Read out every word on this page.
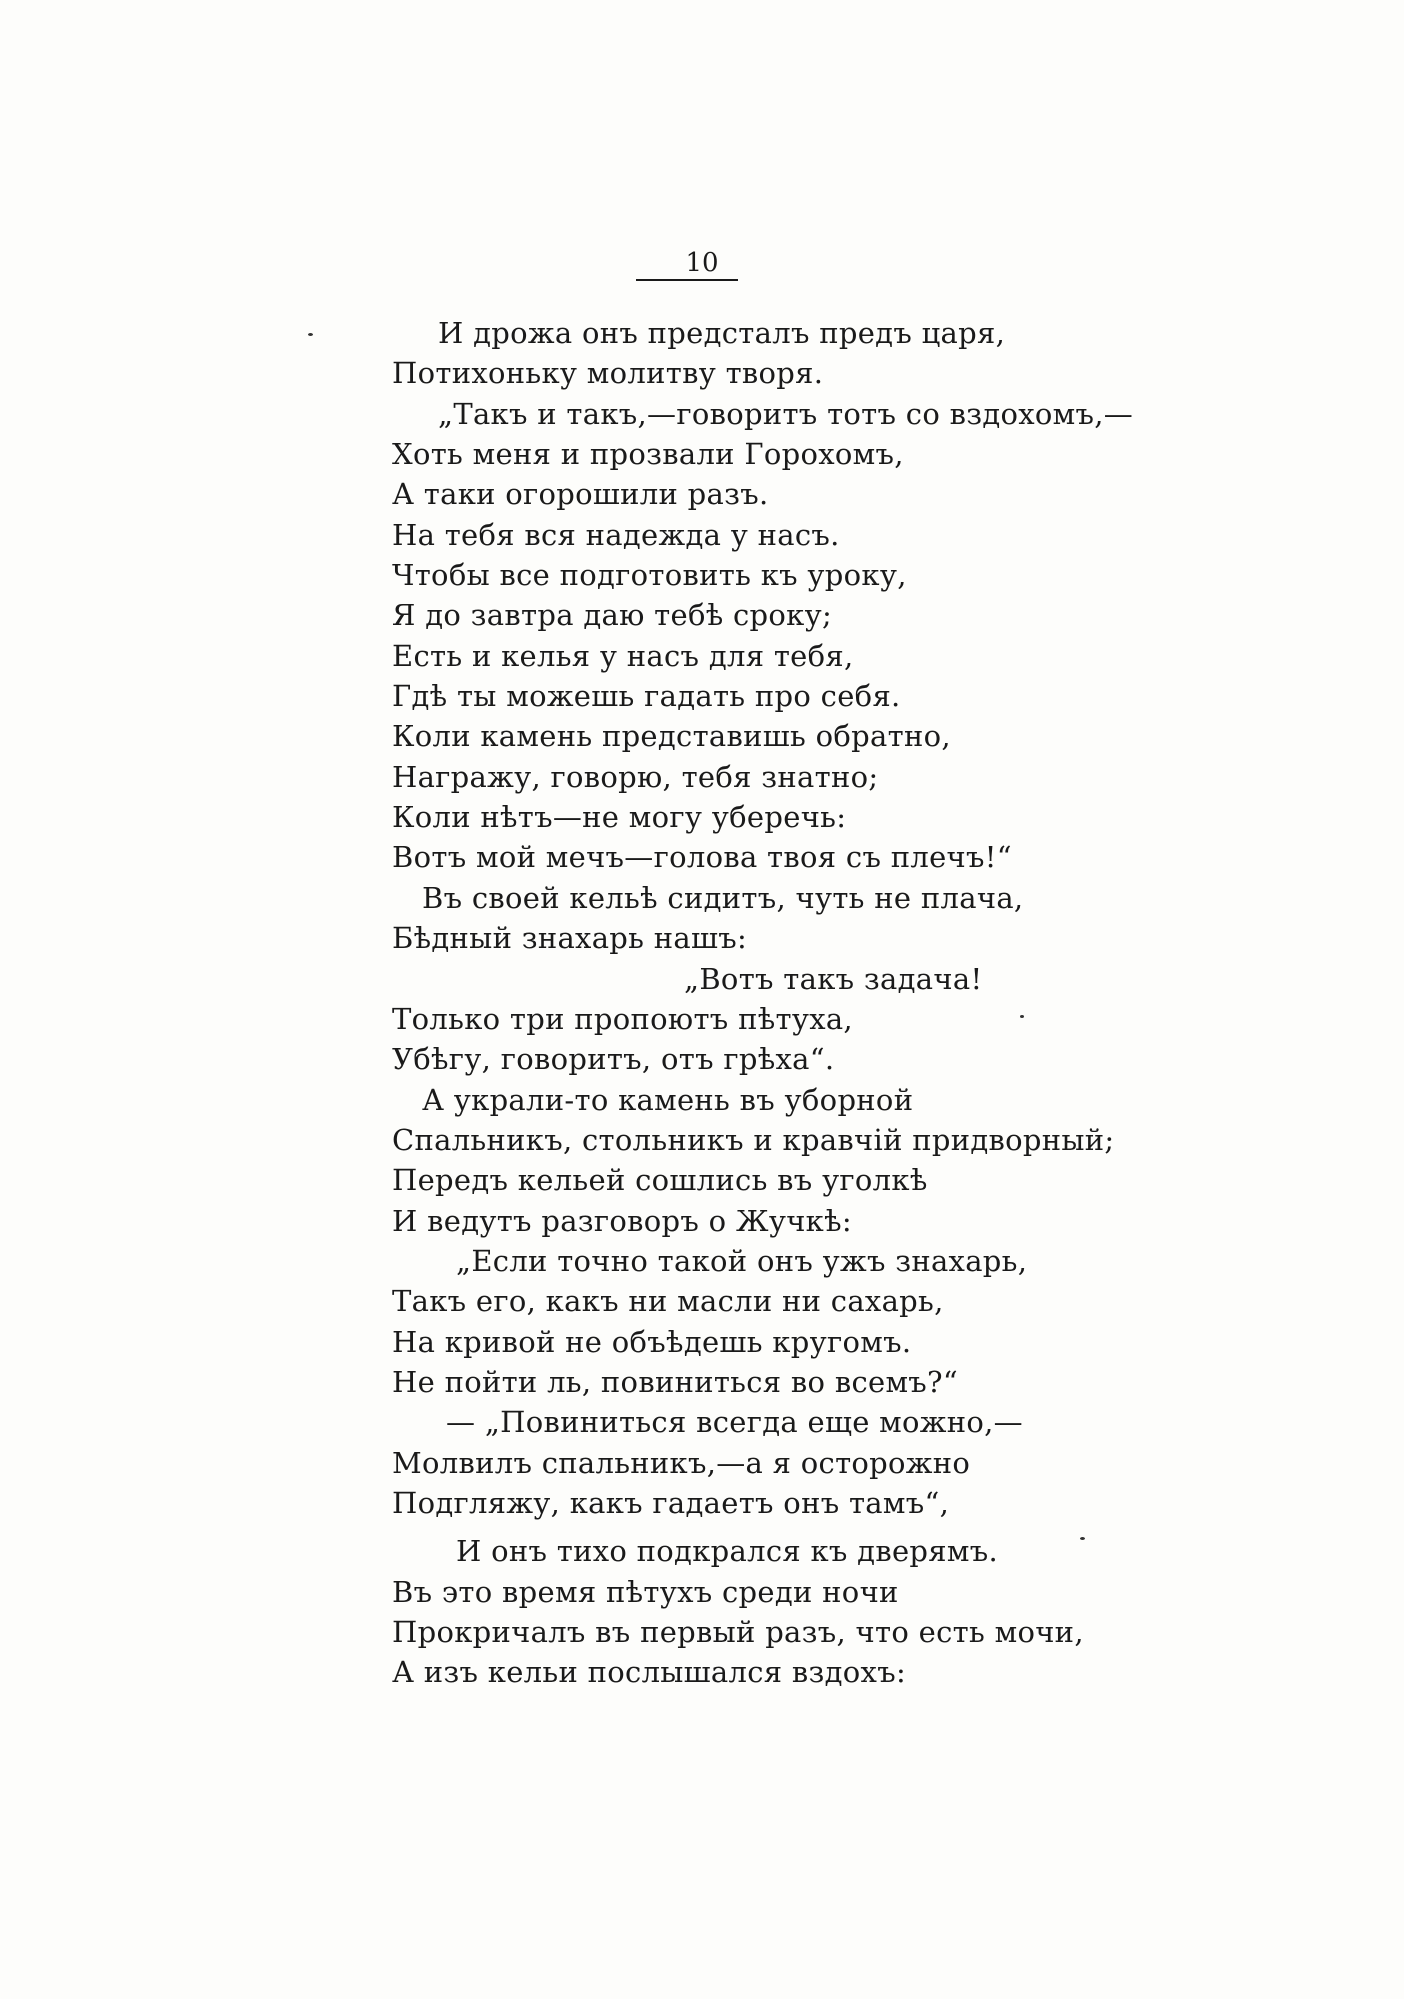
10
И дрожа онъ предсталъ предъ царя,
Потихоньку молитву творя.
„Такъ и такъ,—говоритъ тотъ со вздохомъ,—
Хоть меня и прозвали Горохомъ,
А таки огорошили разъ.
На тебя вся надежда у насъ.
Чтобы все подготовить къ уроку,
Я до завтра даю тебѣ сроку;
Есть и келья у насъ для тебя,
Гдѣ ты можешь гадать про себя.
Коли камень представишь обратно,
Награжу, говорю, тебя знатно;
Коли нѣтъ—не могу уберечь:
Вотъ мой мечъ—голова твоя съ плечъ!“
Въ своей кельѣ сидитъ, чуть не плача,
Бѣдный знахарь нашъ:
„Вотъ такъ задача!
Только три пропоютъ пѣтуха,
Убѣгу, говоритъ, отъ грѣха“.
А украли-то камень въ уборной
Спальникъ, стольникъ и кравчій придворный;
Передъ кельей сошлись въ уголкѣ
И ведутъ разговоръ о Жучкѣ:
„Если точно такой онъ ужъ знахарь,
Такъ его, какъ ни масли ни сахарь,
На кривой не объѣдешь кругомъ.
Не пойти ль, повиниться во всемъ?“
— „Повиниться всегда еще можно,—
Молвилъ спальникъ,—а я осторожно
Подгляжу, какъ гадаетъ онъ тамъ“,
И онъ тихо подкрался къ дверямъ.
Въ это время пѣтухъ среди ночи
Прокричалъ въ первый разъ, что есть мочи,
А изъ кельи послышался вздохъ:
